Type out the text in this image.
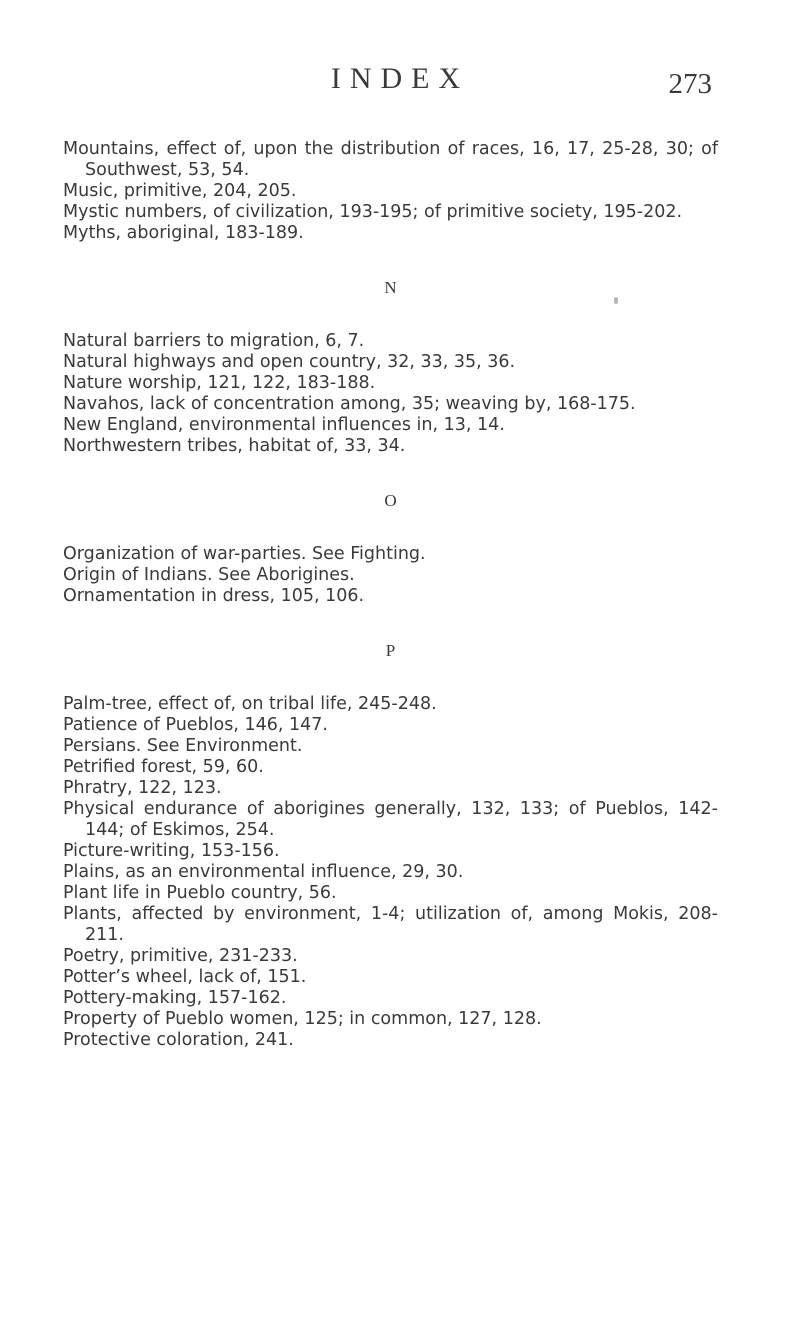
INDEX	273

Mountains, effect of, upon the distribution of races, 16, 17, 25-28, 30; of Southwest, 53, 54.

Music, primitive, 204, 205.

Mystic numbers, of civilization, 193-195; of primitive society, 195-202.

Myths, aboriginal, 183-189.

N

Natural barriers to migration, 6, 7.

Natural highways and open country, 32, 33, 35, 36.

Nature worship, 121, 122, 183-188.

Navahos, lack of concentration among, 35; weaving by, 168-175.

New England, environmental influences in, 13, 14.

Northwestern tribes, habitat of, 33, 34.

O

Organization of war-parties. See Fighting.

Origin of Indians. See Aborigines.

Ornamentation in dress, 105, 106.

P

Palm-tree, effect of, on tribal life, 245-248.

Patience of Pueblos, 146, 147.

Persians. See Environment.

Petrified forest, 59, 60.

Phratry, 122, 123.

Physical endurance of aborigines generally, 132, 133; of Pueblos, 142-144; of Eskimos, 254.

Picture-writing, 153-156.

Plains, as an environmental influence, 29, 30.

Plant life in Pueblo country, 56.

Plants, affected by environment, 1-4; utilization of, among Mokis, 208-211.

Poetry, primitive, 231-233.

Potter’s wheel, lack of, 151.

Pottery-making, 157-162.

Property of Pueblo women, 125; in common, 127, 128.

Protective coloration, 241.
